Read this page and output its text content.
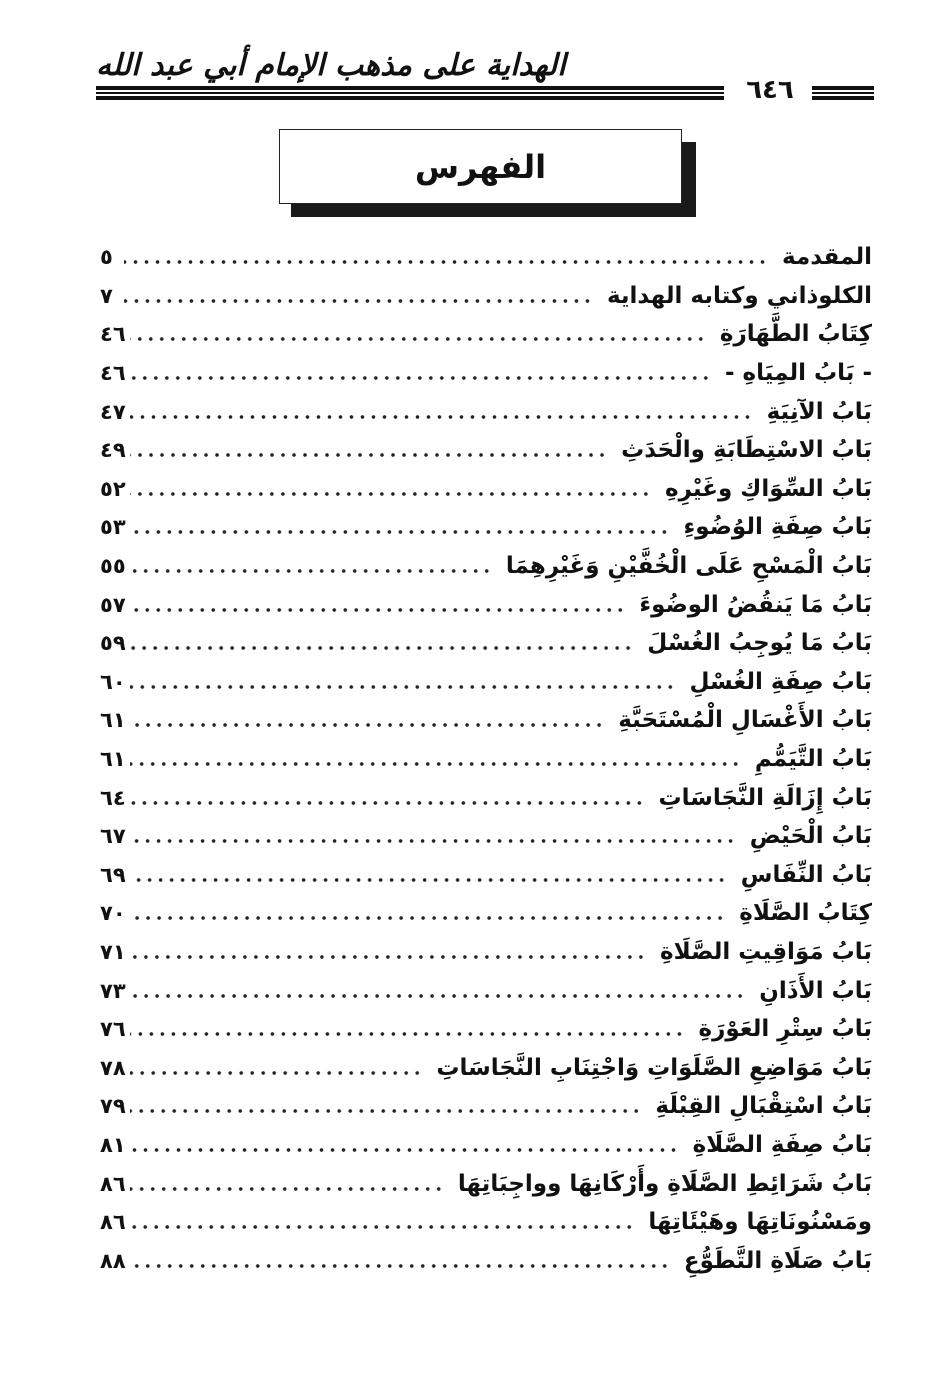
الهداية على مذهب الإمام أبي عبد الله
٦٤٦
الفهرس
المقدمة
٥
الكلوذاني وكتابه الهداية
٧
كِتَابُ الطَّهَارَةِ
٤٦
- بَابُ المِيَاهِ -
٤٦
بَابُ الآنِيَةِ
٤٧
بَابُ الاسْتِطَابَةِ والْحَدَثِ
٤٩
بَابُ السِّوَاكِ وغَيْرِهِ
٥٢
بَابُ صِفَةِ الوُضُوءِ
٥٣
بَابُ الْمَسْحِ عَلَى الْخُفَّيْنِ وَغَيْرِهِمَا
٥٥
بَابُ مَا يَنقُضُ الوضُوءَ
٥٧
بَابُ مَا يُوجِبُ الغُسْلَ
٥٩
بَابُ صِفَةِ الغُسْلِ
٦٠
بَابُ الأَغْسَالِ الْمُسْتَحَبَّةِ
٦١
بَابُ التَّيَمُّمِ
٦١
بَابُ إِزَالَةِ النَّجَاسَاتِ
٦٤
بَابُ الْحَيْضِ
٦٧
بَابُ النِّفَاسِ
٦٩
كِتَابُ الصَّلَاةِ
٧٠
بَابُ مَوَاقِيتِ الصَّلَاةِ
٧١
بَابُ الأَذَانِ
٧٣
بَابُ سِتْرِ العَوْرَةِ
٧٦
بَابُ مَوَاضِعِ الصَّلَوَاتِ وَاجْتِنَابِ النَّجَاسَاتِ
٧٨
بَابُ اسْتِقْبَالِ القِبْلَةِ
٧٩
بَابُ صِفَةِ الصَّلَاةِ
٨١
بَابُ شَرَائِطِ الصَّلَاةِ وأَرْكَانِهَا وواجِبَاتِهَا
٨٦
ومَسْنُونَاتِهَا وهَيْئَاتِهَا
٨٦
بَابُ صَلَاةِ التَّطَوُّعِ
٨٨
